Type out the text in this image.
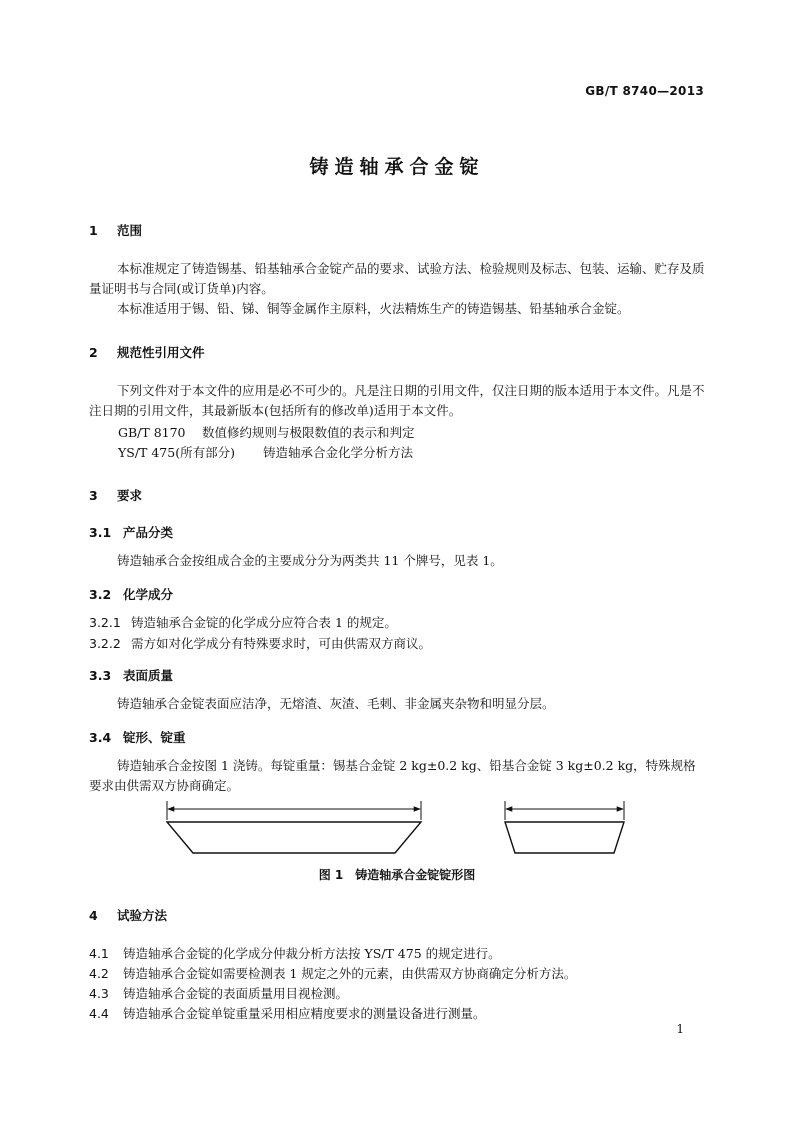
GB/T 8740—2013
铸造轴承合金锭
1 范围
本标准规定了铸造锡基、铅基轴承合金锭产品的要求、试验方法、检验规则及标志、包装、运输、贮存及质量证明书与合同(或订货单)内容。
本标准适用于锡、铅、锑、铜等金属作主原料，火法精炼生产的铸造锡基、铅基轴承合金锭。
2 规范性引用文件
下列文件对于本文件的应用是必不可少的。凡是注日期的引用文件，仅注日期的版本适用于本文件。凡是不注日期的引用文件，其最新版本(包括所有的修改单)适用于本文件。
GB/T 8170 数值修约规则与极限数值的表示和判定
YS/T 475(所有部分) 铸造轴承合金化学分析方法
3 要求
3.1 产品分类
铸造轴承合金按组成合金的主要成分分为两类共 11 个牌号，见表 1。
3.2 化学成分
3.2.1 铸造轴承合金锭的化学成分应符合表 1 的规定。
3.2.2 需方如对化学成分有特殊要求时，可由供需双方商议。
3.3 表面质量
铸造轴承合金锭表面应洁净，无熔渣、灰渣、毛刺、非金属夹杂物和明显分层。
3.4 锭形、锭重
铸造轴承合金按图 1 浇铸。每锭重量：锡基合金锭 2 kg±0.2 kg、铅基合金锭 3 kg±0.2 kg，特殊规格要求由供需双方协商确定。
图 1　铸造轴承合金锭锭形图
4 试验方法
4.1 铸造轴承合金锭的化学成分仲裁分析方法按 YS/T 475 的规定进行。
4.2 铸造轴承合金锭如需要检测表 1 规定之外的元素，由供需双方协商确定分析方法。
4.3 铸造轴承合金锭的表面质量用目视检测。
4.4 铸造轴承合金锭单锭重量采用相应精度要求的测量设备进行测量。
1
